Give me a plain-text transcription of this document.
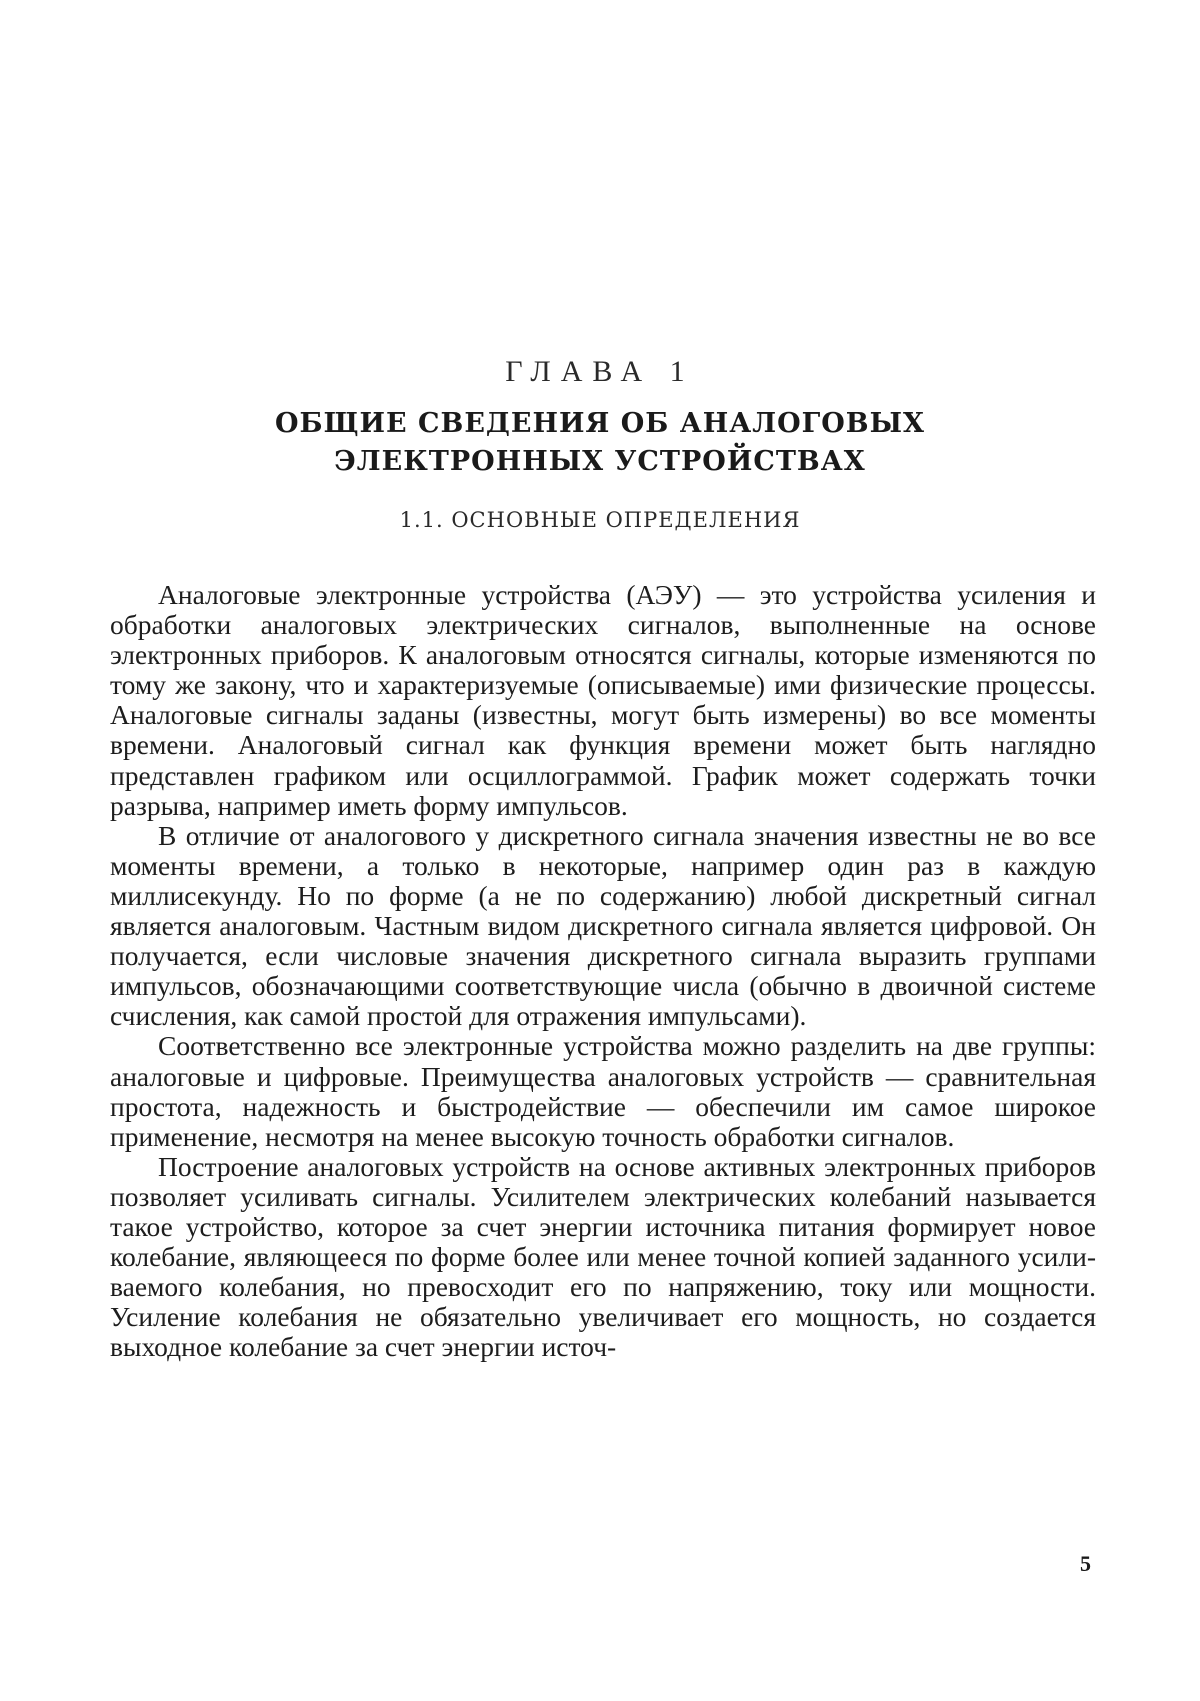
ГЛАВА 1
ОБЩИЕ СВЕДЕНИЯ ОБ АНАЛОГОВЫХ
ЭЛЕКТРОННЫХ УСТРОЙСТВАХ
1.1. ОСНОВНЫЕ ОПРЕДЕЛЕНИЯ

Аналоговые электронные устройства (АЭУ) — это устройства усиления и обработки аналоговых электрических сигналов, выполненные на основе электронных приборов. К аналоговым относятся сигналы, которые изменяются по тому же закону, что и характеризуемые (описываемые) ими физические процессы. Аналоговые сигналы заданы (известны, могут быть измерены) во все моменты времени. Аналоговый сигнал как функция времени может быть наглядно представлен графиком или осциллограммой. График может содержать точки разрыва, например иметь форму импульсов.

В отличие от аналогового у дискретного сигнала значения известны не во все моменты времени, а только в некоторые, например один раз в каждую миллисекунду. Но по форме (а не по содержанию) любой дискретный сигнал является аналоговым. Частным видом дискретного сигнала является цифровой. Он получается, если числовые значения дискретного сигнала выразить группами импульсов, обозначающими соответствующие числа (обычно в двоичной системе счисления, как самой простой для отражения импульсами).

Соответственно все электронные устройства можно разделить на две группы: аналоговые и цифровые. Преимущества аналоговых устройств — сравнительная простота, надежность и быстродействие — обеспечили им самое широкое применение, несмотря на менее высокую точность обработки сигналов.

Построение аналоговых устройств на основе активных электронных приборов позволяет усиливать сигналы. Усилителем электрических колебаний называется такое устройство, которое за счет энергии источника питания формирует новое колебание, являющееся по форме более или менее точной копией заданного усиливаемого колебания, но превосходит его по напряжению, току или мощности. Усиление колебания не обязательно увеличивает его мощность, но создается выходное колебание за счет энергии источ-

5
